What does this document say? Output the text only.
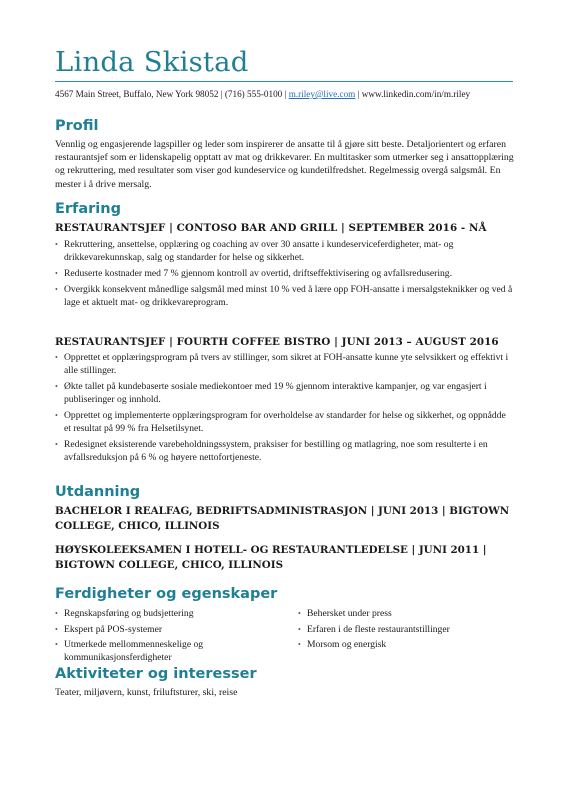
Linda Skistad
4567 Main Street, Buffalo, New York 98052 | (716) 555-0100 | m.riley@live.com | www.linkedin.com/in/m.riley
Profil
Vennlig og engasjerende lagspiller og leder som inspirerer de ansatte til å gjøre sitt beste. Detaljorientert og erfaren restaurantsjef som er lidenskapelig opptatt av mat og drikkevarer. En multitasker som utmerker seg i ansattopplæring og rekruttering, med resultater som viser god kundeservice og kundetilfredshet. Regelmessig overgå salgsmål. En mester i å drive mersalg.
Erfaring
RESTAURANTSJEF | CONTOSO BAR AND GRILL | SEPTEMBER 2016 - NÅ
• Rekruttering, ansettelse, opplæring og coaching av over 30 ansatte i kundeserviceferdigheter, mat- og drikkevarekunnskap, salg og standarder for helse og sikkerhet.
• Reduserte kostnader med 7 % gjennom kontroll av overtid, driftseffektivisering og avfallsredusering.
• Overgikk konsekvent månedlige salgsmål med minst 10 % ved å lære opp FOH-ansatte i mersalgsteknikker og ved å lage et aktuelt mat- og drikkevareprogram.
RESTAURANTSJEF | FOURTH COFFEE BISTRO | JUNI 2013 – AUGUST 2016
• Opprettet et opplæringsprogram på tvers av stillinger, som sikret at FOH-ansatte kunne yte selvsikkert og effektivt i alle stillinger.
• Økte tallet på kundebaserte sosiale mediekontoer med 19 % gjennom interaktive kampanjer, og var engasjert i publiseringer og innhold.
• Opprettet og implementerte opplæringsprogram for overholdelse av standarder for helse og sikkerhet, og oppnådde et resultat på 99 % fra Helsetilsynet.
• Redesignet eksisterende varebeholdningssystem, praksiser for bestilling og matlagring, noe som resulterte i en avfallsreduksjon på 6 % og høyere nettofortjeneste.
Utdanning
BACHELOR I REALFAG, BEDRIFTSADMINISTRASJON | JUNI 2013 | BIGTOWN COLLEGE, CHICO, ILLINOIS
HØYSKOLEEKSAMEN I HOTELL- OG RESTAURANTLEDELSE | JUNI 2011 | BIGTOWN COLLEGE, CHICO, ILLINOIS
Ferdigheter og egenskaper
• Regnskapsføring og budsjettering
• Ekspert på POS-systemer
• Utmerkede mellommenneskelige og kommunikasjonsferdigheter
• Behersket under press
• Erfaren i de fleste restaurantstillinger
• Morsom og energisk
Aktiviteter og interesser
Teater, miljøvern, kunst, friluftsturer, ski, reise
